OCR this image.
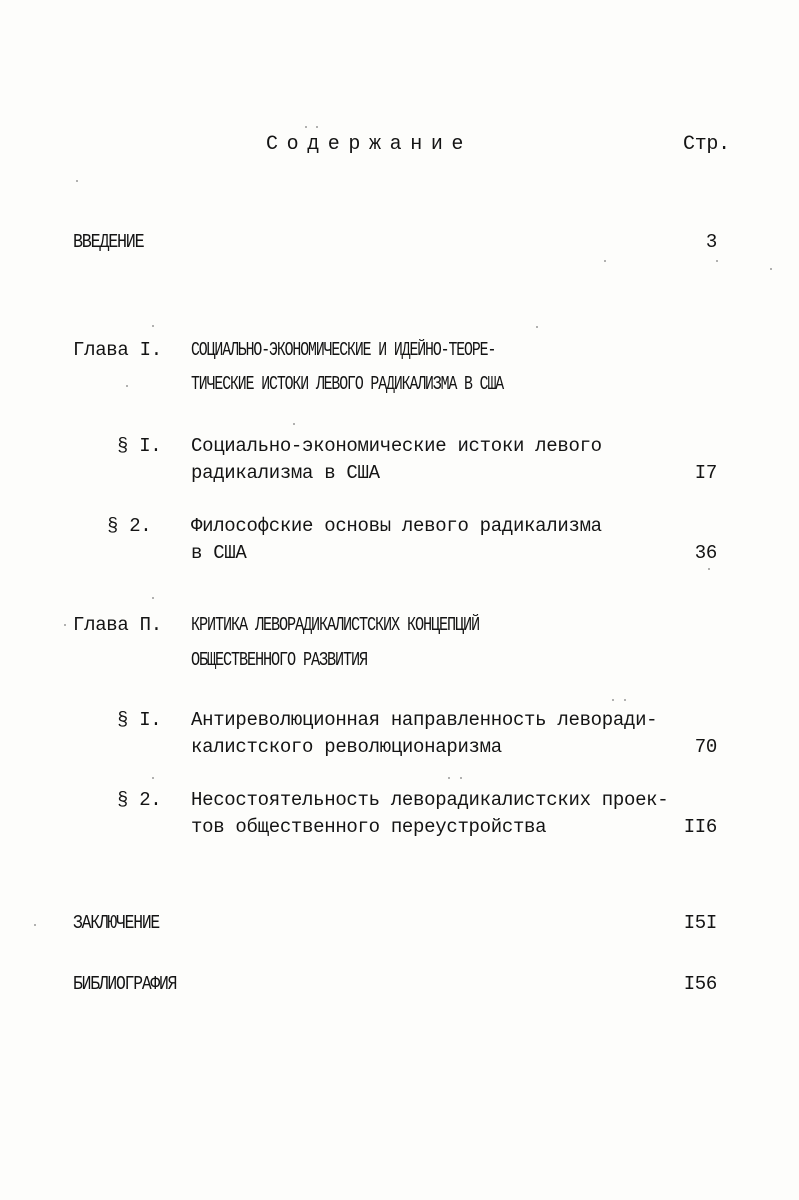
Содержание	Стр.
ВВЕДЕНИЕ	3
Глава I. СОЦИАЛЬНО-ЭКОНОМИЧЕСКИЕ И ИДЕЙНО-ТЕОРЕ-
ТИЧЕСКИЕ ИСТОКИ ЛЕВОГО РАДИКАЛИЗМА В США
§ I. Социально-экономические истоки левого
радикализма в США	I7
§ 2. Философские основы левого радикализма
в США	36
Глава П. КРИТИКА ЛЕВОРАДИКАЛИСТСКИХ КОНЦЕПЦИЙ
ОБЩЕСТВЕННОГО РАЗВИТИЯ
§ I. Антиреволюционная направленность леворади-
калистского революционаризма	70
§ 2. Несостоятельность леворадикалистских проек-
тов общественного переустройства	II6
ЗАКЛЮЧЕНИЕ	I5I
БИБЛИОГРАФИЯ	I56
